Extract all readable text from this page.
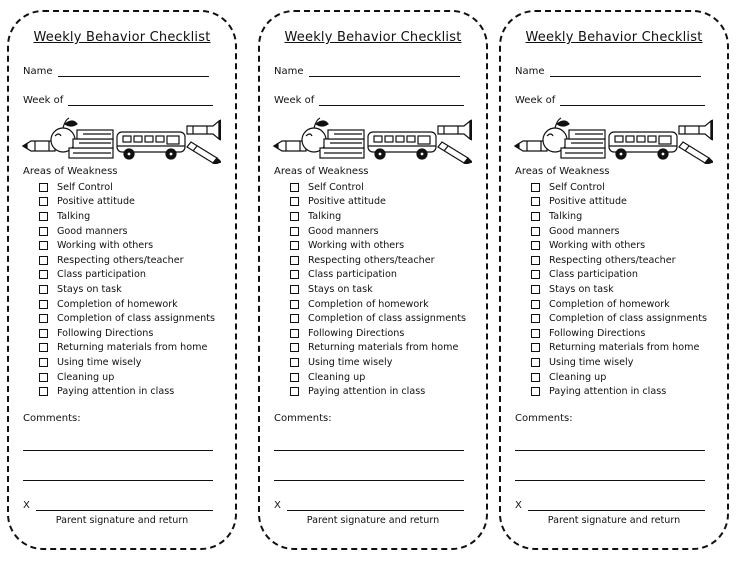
Weekly Behavior Checklist
Name
Week of
Areas of Weakness
Self Control
Positive attitude
Talking
Good manners
Working with others
Respecting others/teacher
Class participation
Stays on task
Completion of homework
Completion of class assignments
Following Directions
Returning materials from home
Using time wisely
Cleaning up
Paying attention in class
Comments:
X
Parent signature and return
Weekly Behavior Checklist
Name
Week of
Areas of Weakness
Self Control
Positive attitude
Talking
Good manners
Working with others
Respecting others/teacher
Class participation
Stays on task
Completion of homework
Completion of class assignments
Following Directions
Returning materials from home
Using time wisely
Cleaning up
Paying attention in class
Comments:
X
Parent signature and return
Weekly Behavior Checklist
Name
Week of
Areas of Weakness
Self Control
Positive attitude
Talking
Good manners
Working with others
Respecting others/teacher
Class participation
Stays on task
Completion of homework
Completion of class assignments
Following Directions
Returning materials from home
Using time wisely
Cleaning up
Paying attention in class
Comments:
X
Parent signature and return
